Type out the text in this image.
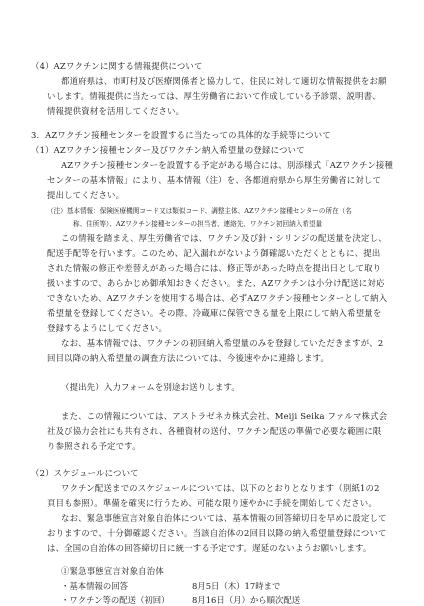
（4）AZワクチンに関する情報提供について
都道府県は、市町村及び医療関係者と協力して、住民に対して適切な情報提供をお願
いします。情報提供に当たっては、厚生労働省において作成している予診票、説明書、
情報提供資材を活用してください。
3．AZワクチン接種センターを設置するに当たっての具体的な手続等について
（1）AZワクチン接種センター及びワクチン納入希望量の登録について
AZワクチン接種センターを設置する予定がある場合には、別添様式「AZワクチン接種
センターの基本情報」により、基本情報（注）を、各都道府県から厚生労働省に対して
提出してください。
（注）基本情報：保険医療機関コード又は類似コード、調整主体、AZワクチン接種センターの所在（名
称、住所等）、AZワクチン接種センターの担当者、連絡先、ワクチン初回納入希望量
この情報を踏まえ、厚生労働省では、ワクチン及び針・シリンジの配送量を決定し、
配送手配等を行います。このため、記入漏れがないよう御確認いただくとともに、提出
された情報の修正や差替えがあった場合には、修正等があった時点を提出日として取り
扱いますので、あらかじめ御承知おきください。また、AZワクチンは小分け配送に対応
できないため、AZワクチンを使用する場合は、必ずAZワクチン接種センターとして納入
希望量を登録してください。その際、冷蔵庫に保管できる量を上限にして納入希望量を
登録するようにしてください。
なお、基本情報では、ワクチンの初回納入希望量のみを登録していただきますが、2
回目以降の納入希望量の調査方法については、今後速やかに連絡します。
（提出先）入力フォームを別途お送りします。
また、この情報については、アストラゼネカ株式会社、Meiji Seika ファルマ株式会
社及び協力会社にも共有され、各種資材の送付、ワクチン配送の準備で必要な範囲に限
り参照される予定です。
（2）スケジュールについて
ワクチン配送までのスケジュールについては、以下のとおりとなります（別紙1の2
頁目も参照）。準備を確実に行うため、可能な限り速やかに手続を開始してください。
なお、緊急事態宣言対象自治体については、基本情報の回答締切日を早めに設定して
おりますので、十分御確認ください。当該自治体の2回目以降の納入希望量登録について
は、全国の自治体の回答締切日に統一する予定です。遅延のないようお願いします。
①緊急事態宣言対象自治体
・基本情報の回答	8月5日（木）17時まで
・ワクチン等の配送（初回）	8月16日（月）から順次配送
